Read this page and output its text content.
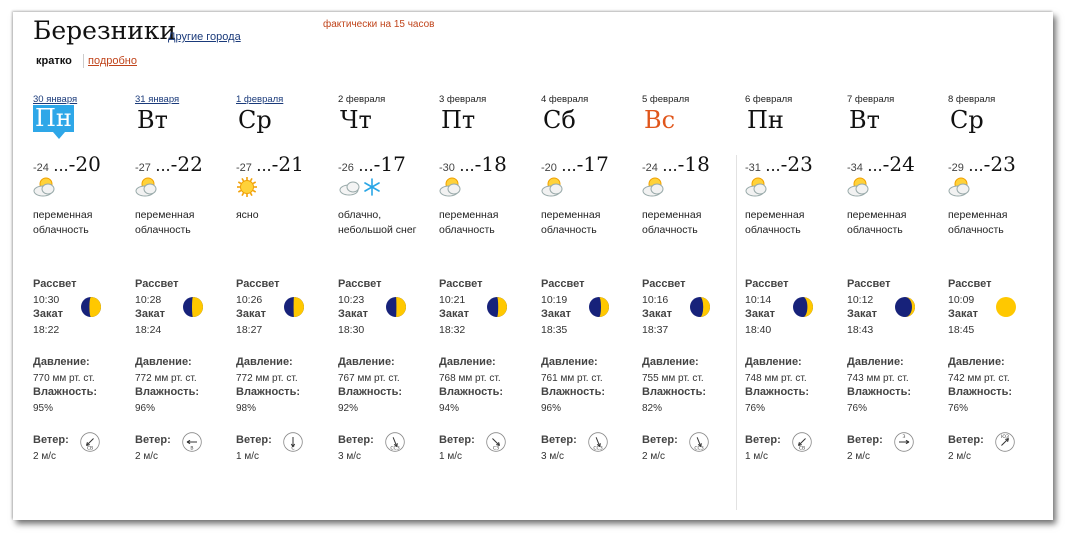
Березники
Другие города
фактически на 15 часов
кратко подробно
30 января
Пн
-24 ...-20
переменная
облачность
Рассвет
10:30
Закат
18:22
Давление:
770 мм рт. ст.
Влажность:
95%
Ветер:
2 м/с
СВ
31 января
Вт
-27 ...-22
переменная
облачность
Рассвет
10:28
Закат
18:24
Давление:
772 мм рт. ст.
Влажность:
96%
Ветер:
2 м/с
В
1 февраля
Ср
-27 ...-21
ясно
Рассвет
10:26
Закат
18:27
Давление:
772 мм рт. ст.
Влажность:
98%
Ветер:
1 м/с
С
2 февраля
Чт
-26 ...-17
облачно,
небольшой снег
Рассвет
10:23
Закат
18:30
Давление:
767 мм рт. ст.
Влажность:
92%
Ветер:
3 м/с
ССЗ
3 февраля
Пт
-30 ...-18
переменная
облачность
Рассвет
10:21
Закат
18:32
Давление:
768 мм рт. ст.
Влажность:
94%
Ветер:
1 м/с
СЗ
4 февраля
Сб
-20 ...-17
переменная
облачность
Рассвет
10:19
Закат
18:35
Давление:
761 мм рт. ст.
Влажность:
96%
Ветер:
3 м/с
ССЗ
5 февраля
Вс
-24 ...-18
переменная
облачность
Рассвет
10:16
Закат
18:37
Давление:
755 мм рт. ст.
Влажность:
82%
Ветер:
2 м/с
ССЗ
6 февраля
Пн
-31 ...-23
переменная
облачность
Рассвет
10:14
Закат
18:40
Давление:
748 мм рт. ст.
Влажность:
76%
Ветер:
1 м/с
СВ
7 февраля
Вт
-34 ...-24
переменная
облачность
Рассвет
10:12
Закат
18:43
Давление:
743 мм рт. ст.
Влажность:
76%
Ветер:
2 м/с
З
8 февраля
Ср
-29 ...-23
переменная
облачность
Рассвет
10:09
Закат
18:45
Давление:
742 мм рт. ст.
Влажность:
76%
Ветер:
2 м/с
ЮЗ
